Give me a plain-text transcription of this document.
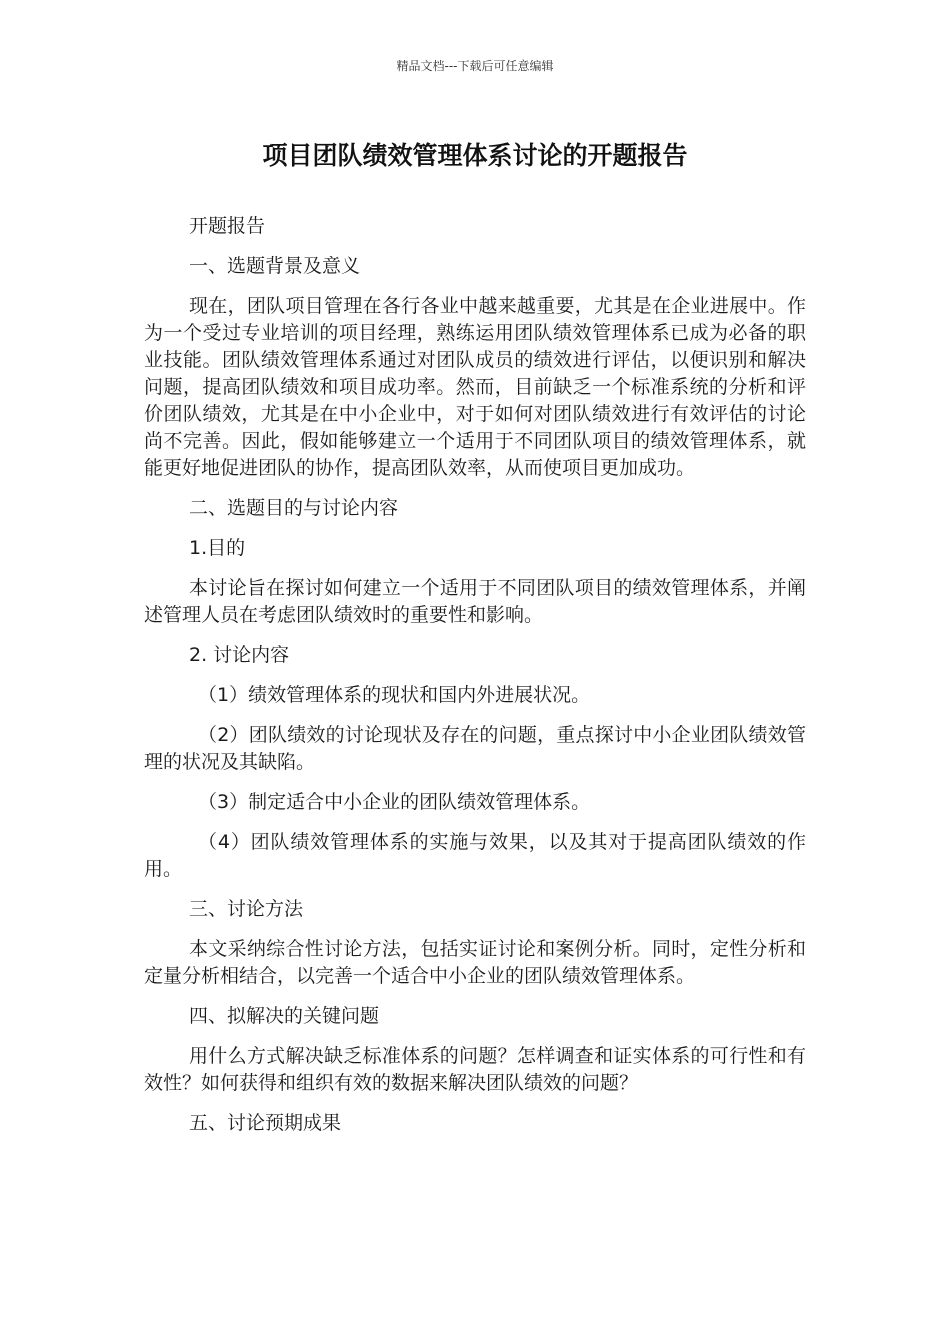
精品文档---下载后可任意编辑
项目团队绩效管理体系讨论的开题报告

开题报告

一、选题背景及意义

现在，团队项目管理在各行各业中越来越重要，尤其是在企业进展中。作为一个受过专业培训的项目经理，熟练运用团队绩效管理体系已成为必备的职业技能。团队绩效管理体系通过对团队成员的绩效进行评估，以便识别和解决问题，提高团队绩效和项目成功率。然而，目前缺乏一个标准系统的分析和评价团队绩效，尤其是在中小企业中，对于如何对团队绩效进行有效评估的讨论尚不完善。因此，假如能够建立一个适用于不同团队项目的绩效管理体系，就能更好地促进团队的协作，提高团队效率，从而使项目更加成功。

二、选题目的与讨论内容

1.目的

本讨论旨在探讨如何建立一个适用于不同团队项目的绩效管理体系，并阐述管理人员在考虑团队绩效时的重要性和影响。

2. 讨论内容

（1）绩效管理体系的现状和国内外进展状况。

（2）团队绩效的讨论现状及存在的问题，重点探讨中小企业团队绩效管理的状况及其缺陷。

（3）制定适合中小企业的团队绩效管理体系。

（4）团队绩效管理体系的实施与效果，以及其对于提高团队绩效的作用。

三、讨论方法

本文采纳综合性讨论方法，包括实证讨论和案例分析。同时，定性分析和定量分析相结合，以完善一个适合中小企业的团队绩效管理体系。

四、拟解决的关键问题

用什么方式解决缺乏标准体系的问题？怎样调查和证实体系的可行性和有效性？如何获得和组织有效的数据来解决团队绩效的问题？

五、讨论预期成果
